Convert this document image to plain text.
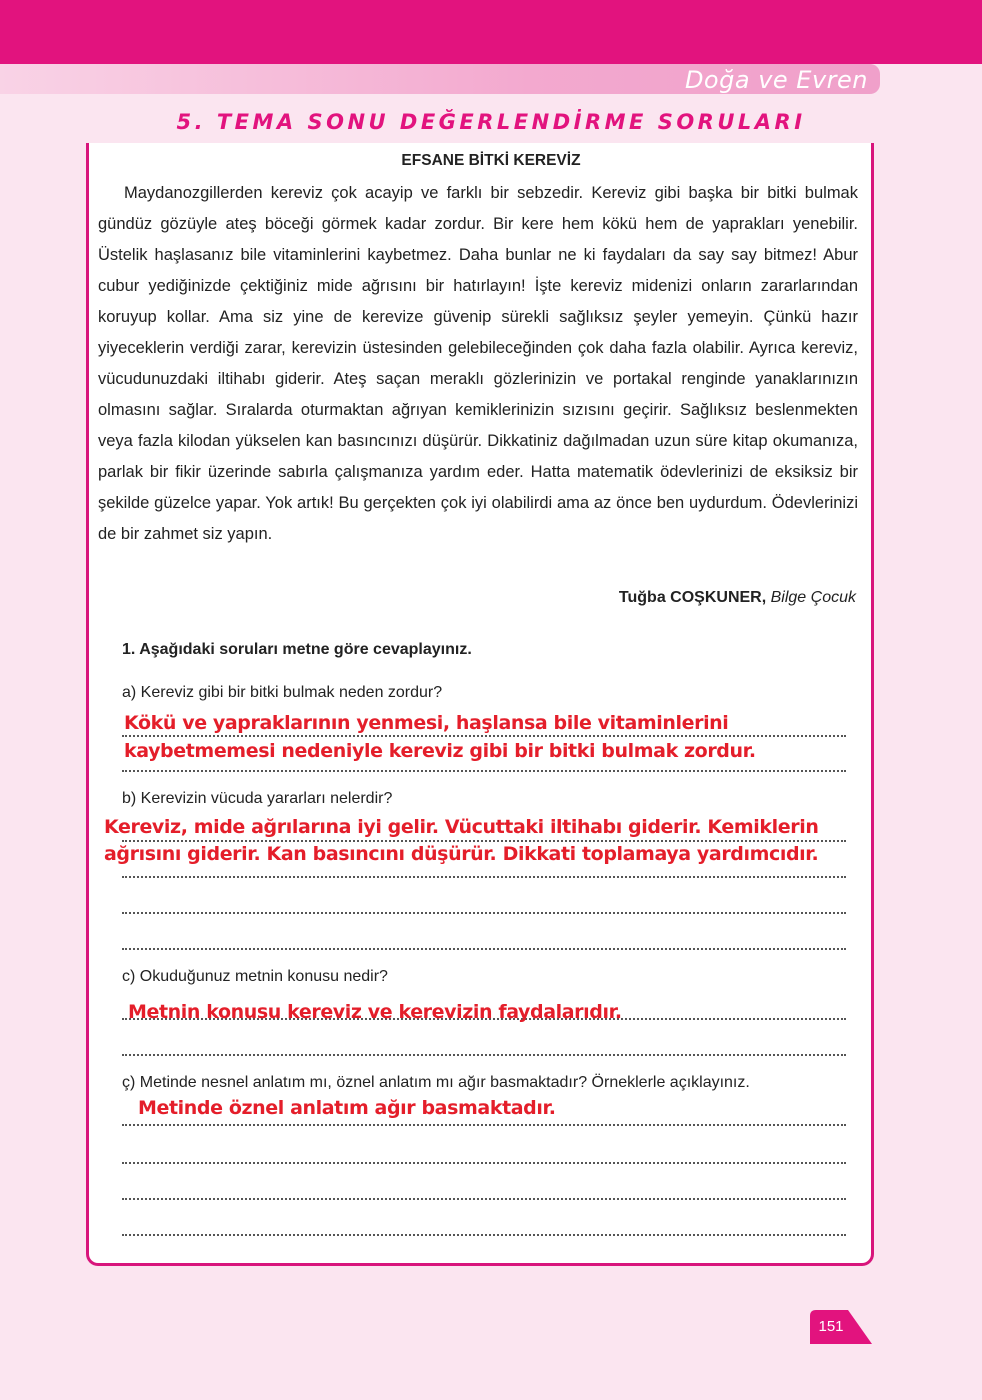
Doğa ve Evren
5. TEMA SONU DEĞERLENDİRME SORULARI
EFSANE BİTKİ KEREVİZ

Maydanozgillerden kereviz çok acayip ve farklı bir sebzedir. Kereviz gibi başka bir bitki bulmak gündüz gözüyle ateş böceği görmek kadar zordur. Bir kere hem kökü hem de yaprakları yenebilir. Üstelik haşlasanız bile vitaminlerini kaybetmez. Daha bunlar ne ki faydaları da say say bitmez! Abur cubur yediğinizde çektiğiniz mide ağrısını bir hatırlayın! İşte kereviz midenizi onların zararlarından koruyup kollar. Ama siz yine de kerevize güvenip sürekli sağlıksız şeyler yemeyin. Çünkü hazır yiyeceklerin verdiği zarar, kerevizin üstesinden gelebileceğinden çok daha fazla olabilir. Ayrıca kereviz, vücudunuzdaki iltihabı giderir. Ateş saçan meraklı gözlerinizin ve portakal renginde yanaklarınızın olmasını sağlar. Sıralarda oturmaktan ağrıyan kemiklerinizin sızısını geçirir. Sağlıksız beslenmekten veya fazla kilodan yükselen kan basıncınızı düşürür. Dikkatiniz dağılmadan uzun süre kitap okumanıza, parlak bir fikir üzerinde sabırla çalışmanıza yardım eder. Hatta matematik ödevlerinizi de eksiksiz bir şekilde güzelce yapar. Yok artık! Bu gerçekten çok iyi olabilirdi ama az önce ben uydurdum. Ödevlerinizi de bir zahmet siz yapın.

Tuğba COŞKUNER, Bilge Çocuk
1. Aşağıdaki soruları metne göre cevaplayınız.
a) Kereviz gibi bir bitki bulmak neden zordur?
Kökü ve yapraklarının yenmesi, haşlansa bile vitaminlerini
kaybetmemesi nedeniyle kereviz gibi bir bitki bulmak zordur.
b) Kerevizin vücuda yararları nelerdir?
Kereviz, mide ağrılarına iyi gelir. Vücuttaki iltihabı giderir. Kemiklerin
ağrısını giderir. Kan basıncını düşürür. Dikkati toplamaya yardımcıdır.
c) Okuduğunuz metnin konusu nedir?
Metnin konusu kereviz ve kerevizin faydalarıdır.
ç) Metinde nesnel anlatım mı, öznel anlatım mı ağır basmaktadır? Örneklerle açıklayınız.
Metinde öznel anlatım ağır basmaktadır.
151
